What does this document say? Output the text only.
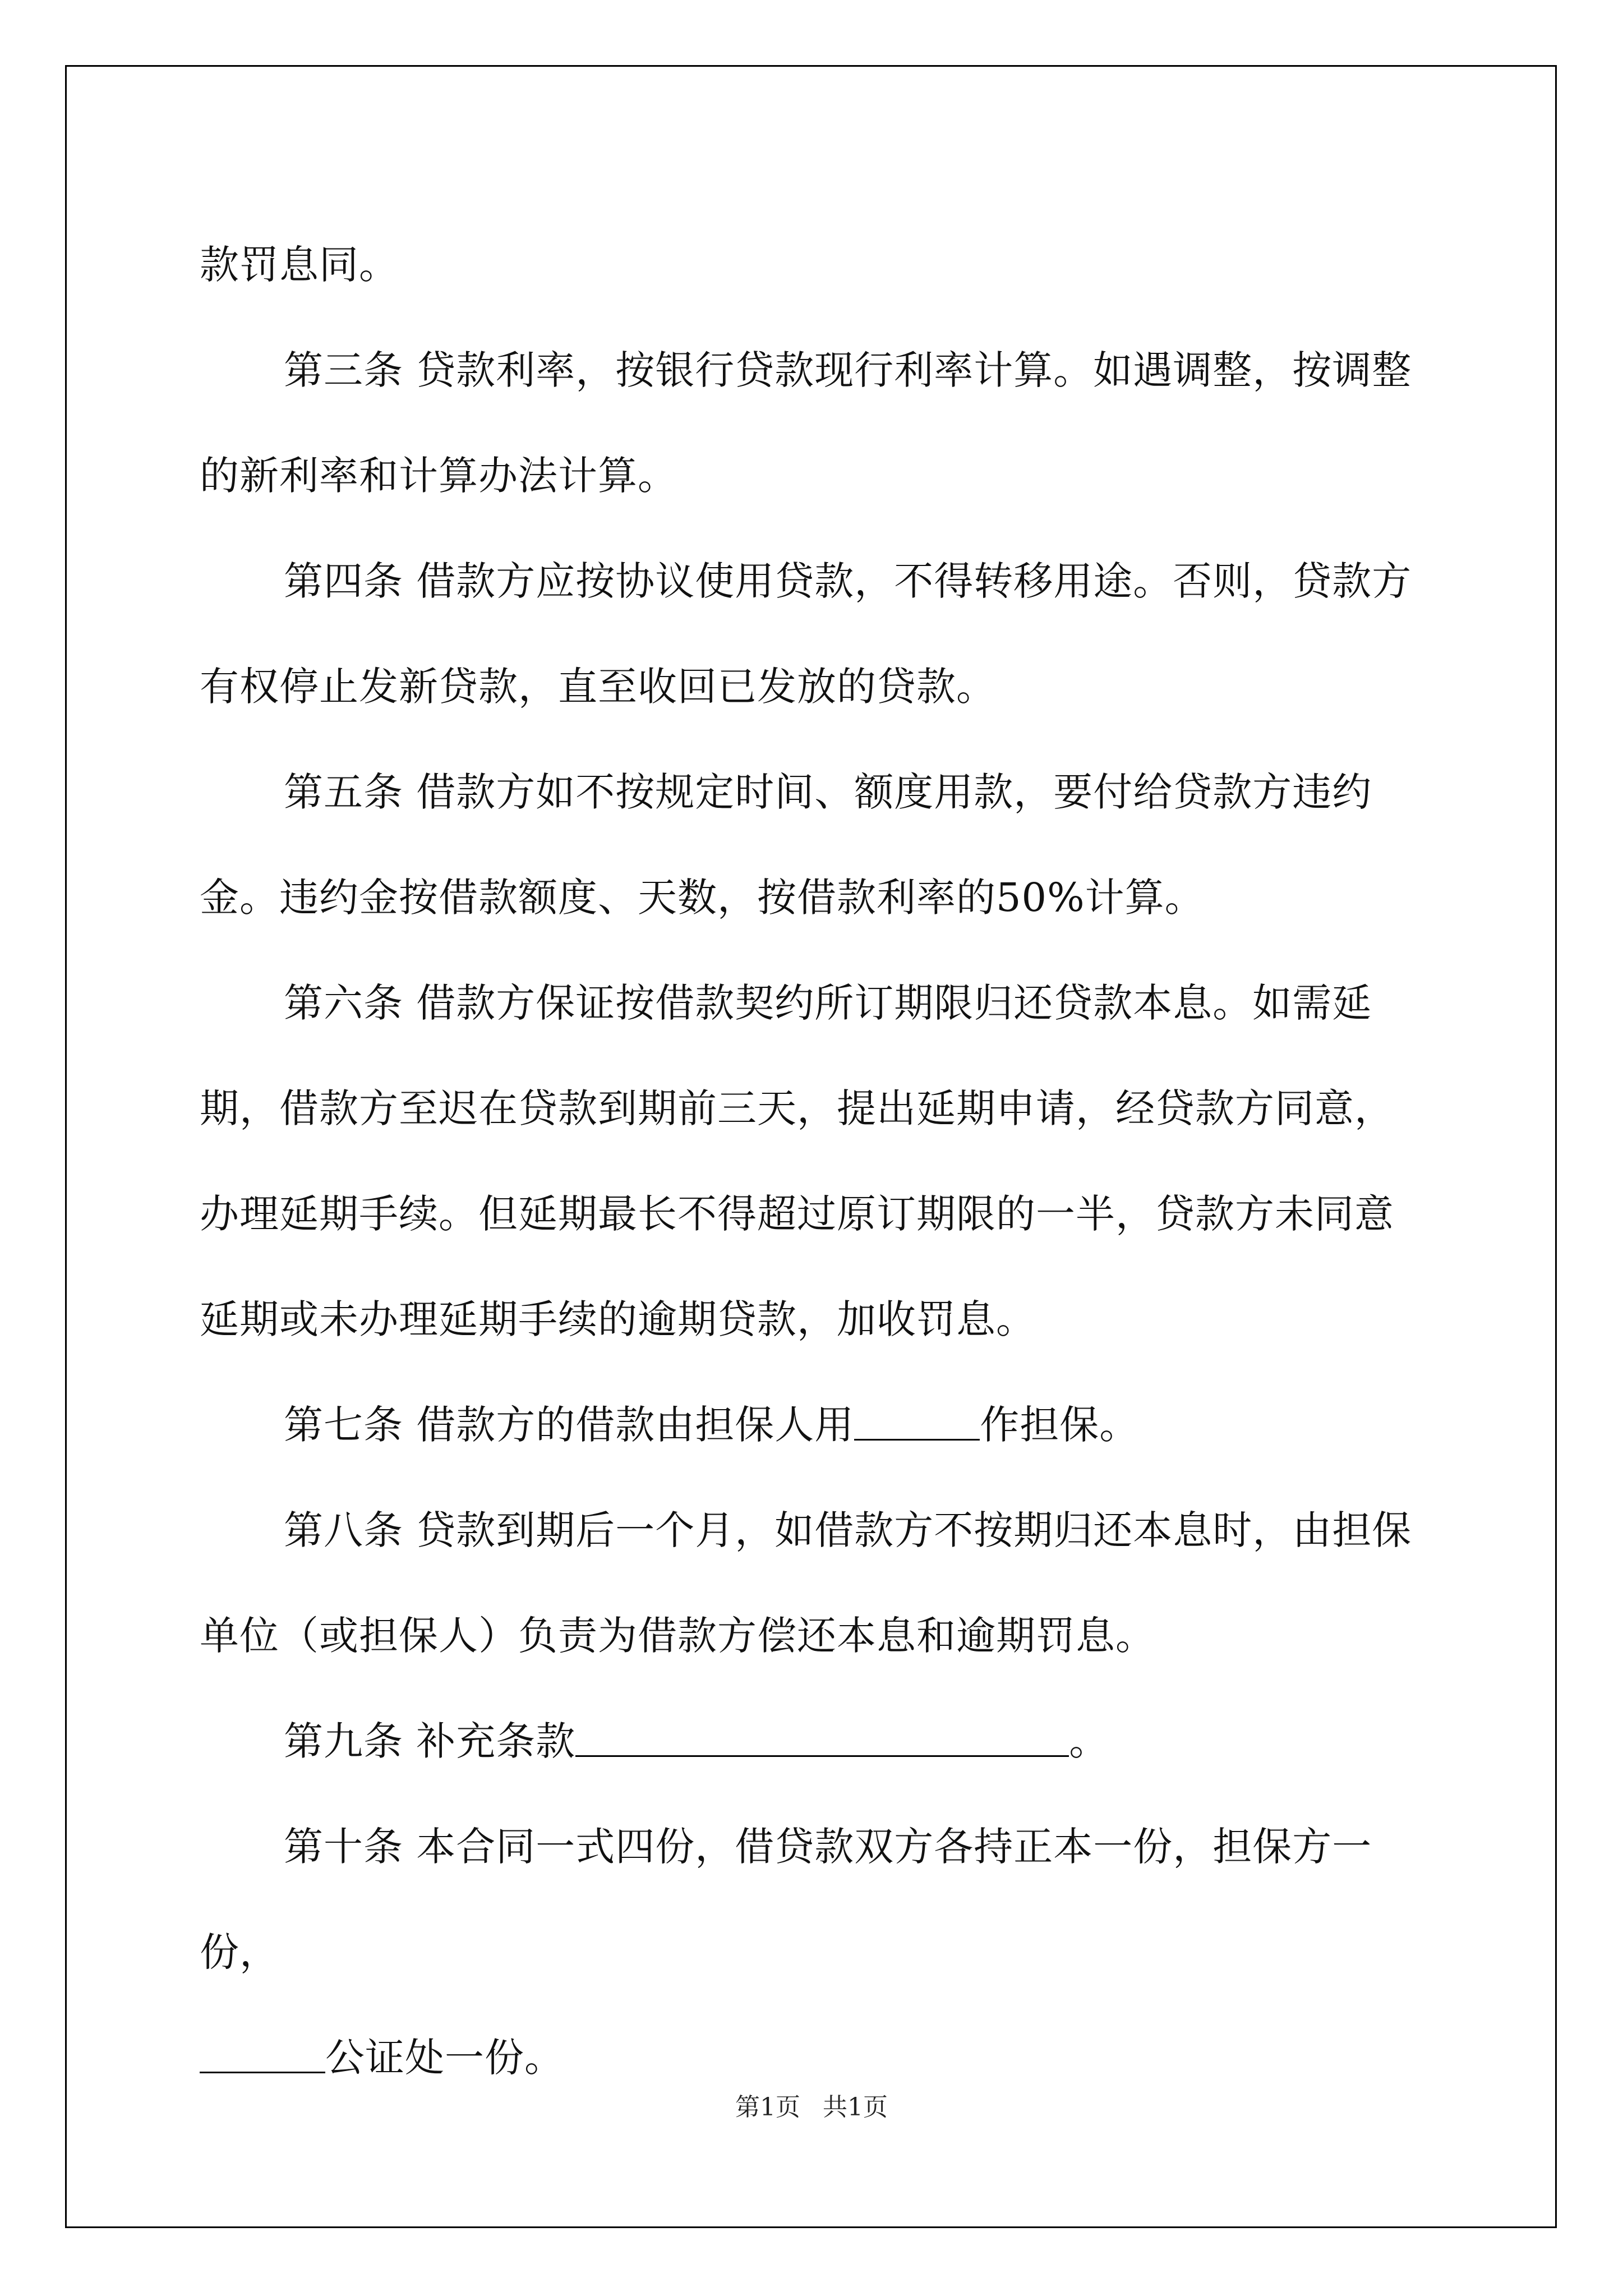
款罚息同。

第三条 贷款利率，按银行贷款现行利率计算。如遇调整，按调整的新利率和计算办法计算。

第四条 借款方应按协议使用贷款，不得转移用途。否则，贷款方有权停止发新贷款，直至收回已发放的贷款。

第五条 借款方如不按规定时间、额度用款，要付给贷款方违约金。违约金按借款额度、天数，按借款利率的50%计算。

第六条 借款方保证按借款契约所订期限归还贷款本息。如需延期，借款方至迟在贷款到期前三天，提出延期申请，经贷款方同意，办理延期手续。但延期最长不得超过原订期限的一半，贷款方未同意延期或未办理延期手续的逾期贷款，加收罚息。

第七条 借款方的借款由担保人用	作担保。

第八条 贷款到期后一个月，如借款方不按期归还本息时，由担保单位（或担保人）负责为借款方偿还本息和逾期罚息。

第九条 补充条款	。

第十条 本合同一式四份，借贷款双方各持正本一份，担保方一份，

公证处一份。

第1页 共1页
